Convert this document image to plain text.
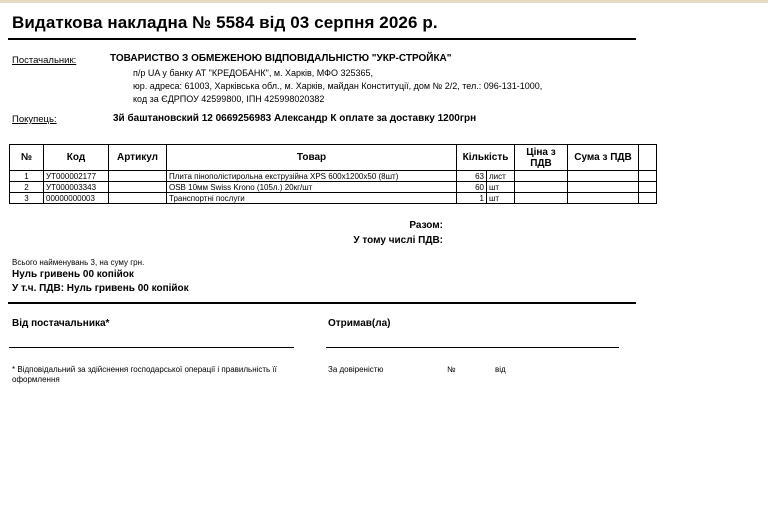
Видаткова накладна № 5584 від 03 серпня 2026 р.
Постачальник:	ТОВАРИСТВО З ОБМЕЖЕНОЮ ВІДПОВІДАЛЬНІСТЮ "УКР-СТРОЙКА"
п/р UA у банку АТ "КРЕДОБАНК", м. Харків, МФО 325365,
юр. адреса: 61003, Харківська обл., м. Харків, майдан Конституції, дом № 2/2, тел.: 096-131-1000,
код за ЄДРПОУ 42599800, ІПН 425998020382
Покупець:	3й баштановский 12 0669256983 Александр К оплате за доставку 1200грн
№	Код	Артикул	Товар	Кількість		Ціна з ПДВ	Сума з ПДВ	
1	УТ000002177		Плита пінополістирольна екструзійна XPS 600x1200x50 (8шт)	63	лист			
2	УТ000003343		OSB 10мм Swiss Krono (105л.) 20кг/шт	60	шт			
3	00000000003		Транспортні послуги	1	шт			
Разом:
У тому числі ПДВ:
Всього найменувань 3, на суму грн.
Нуль гривень 00 копійок
У т.ч. ПДВ: Нуль гривень 00 копійок
Від постачальника*	Отримав(ла)
* Відповідальний за здійснення господарської операції і правильність її оформлення
За довіреністю	№	від
